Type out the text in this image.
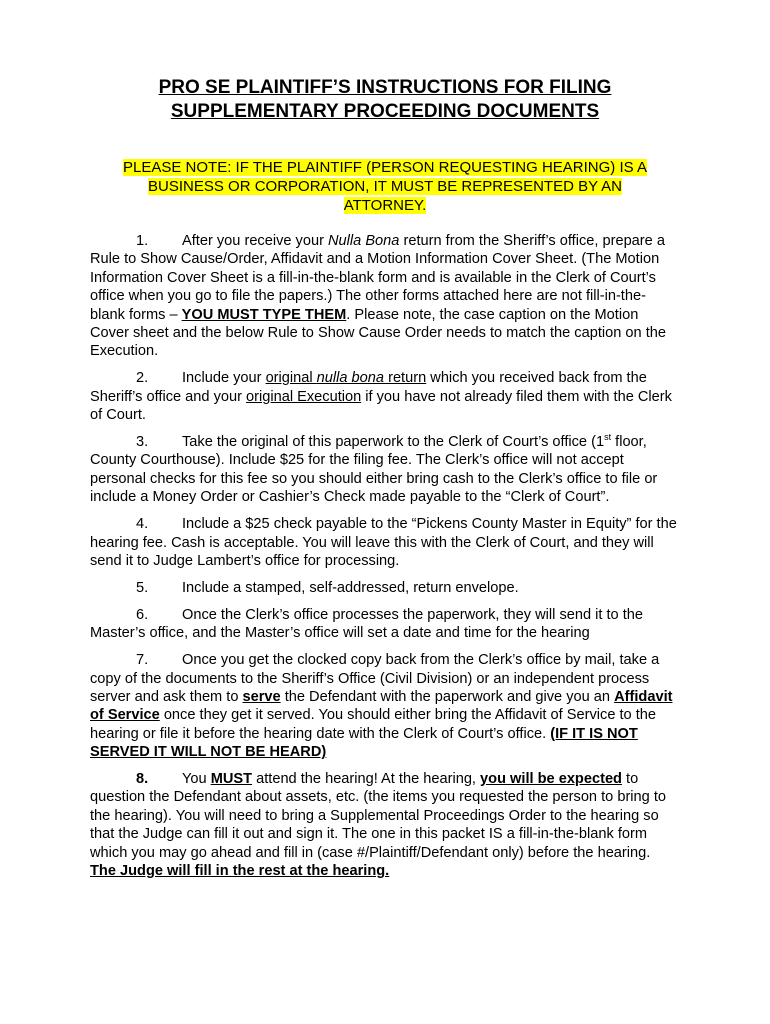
PRO SE PLAINTIFF’S INSTRUCTIONS FOR FILING
SUPPLEMENTARY PROCEEDING DOCUMENTS
PLEASE NOTE: IF THE PLAINTIFF (PERSON REQUESTING HEARING) IS A
BUSINESS OR CORPORATION, IT MUST BE REPRESENTED BY AN
ATTORNEY.

1. After you receive your Nulla Bona return from the Sheriff’s office, prepare a Rule to Show Cause/Order, Affidavit and a Motion Information Cover Sheet. (The Motion Information Cover Sheet is a fill-in-the-blank form and is available in the Clerk of Court’s office when you go to file the papers.) The other forms attached here are not fill-in-the-blank forms – YOU MUST TYPE THEM. Please note, the case caption on the Motion Cover sheet and the below Rule to Show Cause Order needs to match the caption on the Execution.

2. Include your original nulla bona return which you received back from the Sheriff’s office and your original Execution if you have not already filed them with the Clerk of Court.

3. Take the original of this paperwork to the Clerk of Court’s office (1st floor, County Courthouse). Include $25 for the filing fee. The Clerk’s office will not accept personal checks for this fee so you should either bring cash to the Clerk’s office to file or include a Money Order or Cashier’s Check made payable to the “Clerk of Court”.

4. Include a $25 check payable to the “Pickens County Master in Equity” for the hearing fee. Cash is acceptable. You will leave this with the Clerk of Court, and they will send it to Judge Lambert’s office for processing.

5. Include a stamped, self-addressed, return envelope.

6. Once the Clerk’s office processes the paperwork, they will send it to the Master’s office, and the Master’s office will set a date and time for the hearing

7. Once you get the clocked copy back from the Clerk’s office by mail, take a copy of the documents to the Sheriff’s Office (Civil Division) or an independent process server and ask them to serve the Defendant with the paperwork and give you an Affidavit of Service once they get it served. You should either bring the Affidavit of Service to the hearing or file it before the hearing date with the Clerk of Court’s office. (IF IT IS NOT SERVED IT WILL NOT BE HEARD)

8. You MUST attend the hearing! At the hearing, you will be expected to question the Defendant about assets, etc. (the items you requested the person to bring to the hearing). You will need to bring a Supplemental Proceedings Order to the hearing so that the Judge can fill it out and sign it. The one in this packet IS a fill-in-the-blank form which you may go ahead and fill in (case #/Plaintiff/Defendant only) before the hearing. The Judge will fill in the rest at the hearing.
